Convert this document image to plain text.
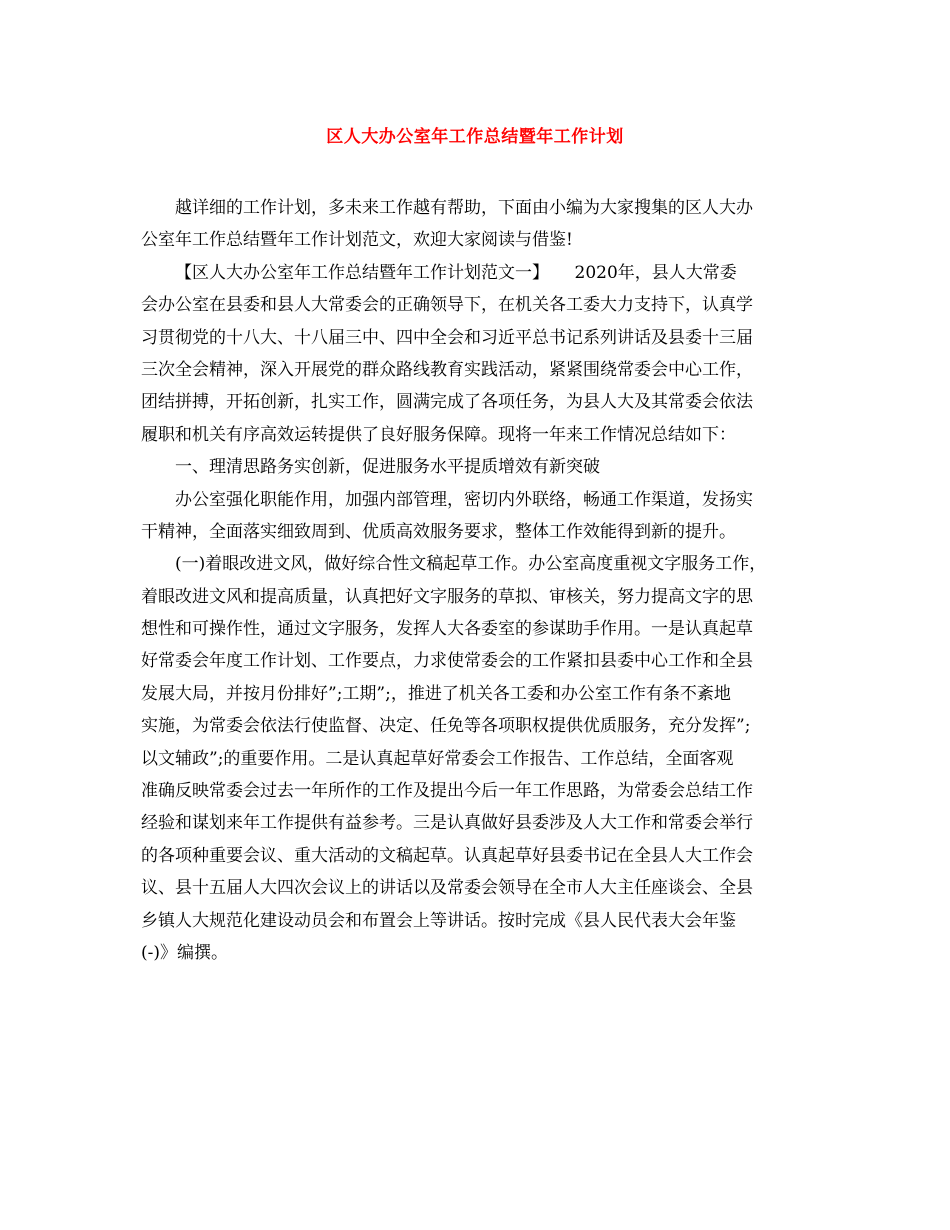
区人大办公室年工作总结暨年工作计划
越详细的工作计划，多未来工作越有帮助，下面由小编为大家搜集的区人大办
公室年工作总结暨年工作计划范文，欢迎大家阅读与借鉴!
【区人大办公室年工作总结暨年工作计划范文一】　　2020年，县人大常委
会办公室在县委和县人大常委会的正确领导下，在机关各工委大力支持下，认真学
习贯彻党的十八大、十八届三中、四中全会和习近平总书记系列讲话及县委十三届
三次全会精神，深入开展党的群众路线教育实践活动，紧紧围绕常委会中心工作，
团结拼搏，开拓创新，扎实工作，圆满完成了各项任务，为县人大及其常委会依法
履职和机关有序高效运转提供了良好服务保障。现将一年来工作情况总结如下：
一、理清思路务实创新，促进服务水平提质增效有新突破
办公室强化职能作用，加强内部管理，密切内外联络，畅通工作渠道，发扬实
干精神，全面落实细致周到、优质高效服务要求，整体工作效能得到新的提升。
(一)着眼改进文风，做好综合性文稿起草工作。办公室高度重视文字服务工作，
着眼改进文风和提高质量，认真把好文字服务的草拟、审核关，努力提高文字的思
想性和可操作性，通过文字服务，发挥人大各委室的参谋助手作用。一是认真起草
好常委会年度工作计划、工作要点，力求使常委会的工作紧扣县委中心工作和全县
发展大局，并按月份排好”;工期”;，推进了机关各工委和办公室工作有条不紊地
实施，为常委会依法行使监督、决定、任免等各项职权提供优质服务，充分发挥”;
以文辅政”;的重要作用。二是认真起草好常委会工作报告、工作总结，全面客观
准确反映常委会过去一年所作的工作及提出今后一年工作思路，为常委会总结工作
经验和谋划来年工作提供有益参考。三是认真做好县委涉及人大工作和常委会举行
的各项种重要会议、重大活动的文稿起草。认真起草好县委书记在全县人大工作会
议、县十五届人大四次会议上的讲话以及常委会领导在全市人大主任座谈会、全县
乡镇人大规范化建设动员会和布置会上等讲话。按时完成《县人民代表大会年鉴
(-)》编撰。
